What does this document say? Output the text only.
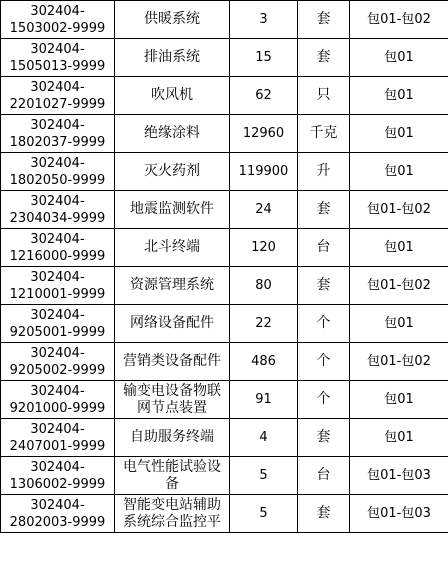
302404-
1503002-9999	供暖系统	3	套	包01-包02

302404-
1505013-9999	排油系统	15	套	包01

302404-
2201027-9999	吹风机	62	只	包01

302404-
1802037-9999	绝缘涂料	12960	千克	包01

302404-
1802050-9999	灭火药剂	119900	升	包01

302404-
2304034-9999	地震监测软件	24	套	包01-包02

302404-
1216000-9999	北斗终端	120	台	包01

302404-
1210001-9999	资源管理系统	80	套	包01-包02

302404-
9205001-9999	网络设备配件	22	个	包01

302404-
9205002-9999	营销类设备配件	486	个	包01-包02

302404-
9201000-9999	输变电设备物联网节点装置	91	个	包01

302404-
2407001-9999	自助服务终端	4	套	包01

302404-
1306002-9999	电气性能试验设备	5	台	包01-包03

302404-
2802003-9999	智能变电站辅助系统综合监控平	5	套	包01-包03
